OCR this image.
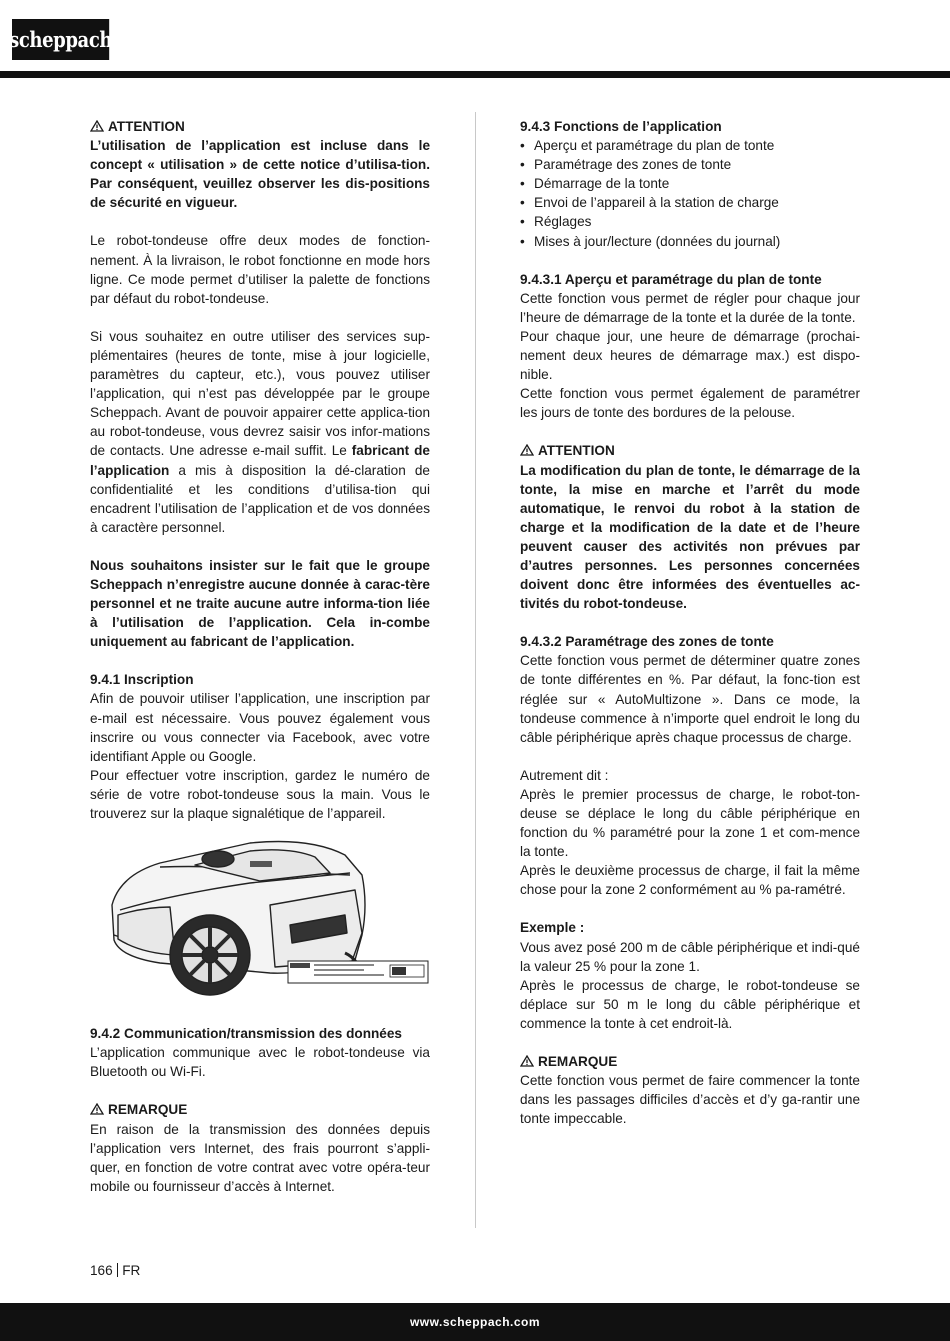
scheppach

ATTENTION

L’utilisation de l’application est incluse dans le concept « utilisation » de cette notice d’utilisa-tion. Par conséquent, veuillez observer les dis-positions de sécurité en vigueur.

Le robot-tondeuse offre deux modes de fonction-nement. À la livraison, le robot fonctionne en mode hors ligne. Ce mode permet d’utiliser la palette de fonctions par défaut du robot-tondeuse.

Si vous souhaitez en outre utiliser des services sup-plémentaires (heures de tonte, mise à jour logicielle, paramètres du capteur, etc.), vous pouvez utiliser l’application, qui n’est pas développée par le groupe Scheppach. Avant de pouvoir appairer cette applica-tion au robot-tondeuse, vous devrez saisir vos infor-mations de contacts. Une adresse e-mail suffit. Le fabricant de l’application a mis à disposition la dé-claration de confidentialité et les conditions d’utilisa-tion qui encadrent l’utilisation de l’application et de vos données à caractère personnel.

Nous souhaitons insister sur le fait que le groupe Scheppach n’enregistre aucune donnée à carac-tère personnel et ne traite aucune autre informa-tion liée à l’utilisation de l’application. Cela in-combe uniquement au fabricant de l’application.

9.4.1 Inscription

Afin de pouvoir utiliser l’application, une inscription par e-mail est nécessaire. Vous pouvez également vous inscrire ou vous connecter via Facebook, avec votre identifiant Apple ou Google.

Pour effectuer votre inscription, gardez le numéro de série de votre robot-tondeuse sous la main. Vous le trouverez sur la plaque signalétique de l’appareil.

9.4.2 Communication/transmission des données

L’application communique avec le robot-tondeuse via Bluetooth ou Wi-Fi.

REMARQUE

En raison de la transmission des données depuis l’application vers Internet, des frais pourront s’appli-quer, en fonction de votre contrat avec votre opéra-teur mobile ou fournisseur d’accès à Internet.

9.4.3 Fonctions de l’application

• Aperçu et paramétrage du plan de tonte
• Paramétrage des zones de tonte
• Démarrage de la tonte
• Envoi de l’appareil à la station de charge
• Réglages
• Mises à jour/lecture (données du journal)

9.4.3.1 Aperçu et paramétrage du plan de tonte

Cette fonction vous permet de régler pour chaque jour l’heure de démarrage de la tonte et la durée de la tonte.

Pour chaque jour, une heure de démarrage (prochai-nement deux heures de démarrage max.) est dispo-nible.

Cette fonction vous permet également de paramétrer les jours de tonte des bordures de la pelouse.

ATTENTION

La modification du plan de tonte, le démarrage de la tonte, la mise en marche et l’arrêt du mode automatique, le renvoi du robot à la station de charge et la modification de la date et de l’heure peuvent causer des activités non prévues par d’autres personnes. Les personnes concernées doivent donc être informées des éventuelles ac-tivités du robot-tondeuse.

9.4.3.2 Paramétrage des zones de tonte

Cette fonction vous permet de déterminer quatre zones de tonte différentes en %. Par défaut, la fonc-tion est réglée sur « AutoMultizone ». Dans ce mode, la tondeuse commence à n’importe quel endroit le long du câble périphérique après chaque processus de charge.

Autrement dit :

Après le premier processus de charge, le robot-ton-deuse se déplace le long du câble périphérique en fonction du % paramétré pour la zone 1 et com-mence la tonte.

Après le deuxième processus de charge, il fait la même chose pour la zone 2 conformément au % pa-ramétré.

Exemple :

Vous avez posé 200 m de câble périphérique et indi-qué la valeur 25 % pour la zone 1.

Après le processus de charge, le robot-tondeuse se déplace sur 50 m le long du câble périphérique et commence la tonte à cet endroit-là.

REMARQUE

Cette fonction vous permet de faire commencer la tonte dans les passages difficiles d’accès et d’y ga-rantir une tonte impeccable.

166 FR
www.scheppach.com
